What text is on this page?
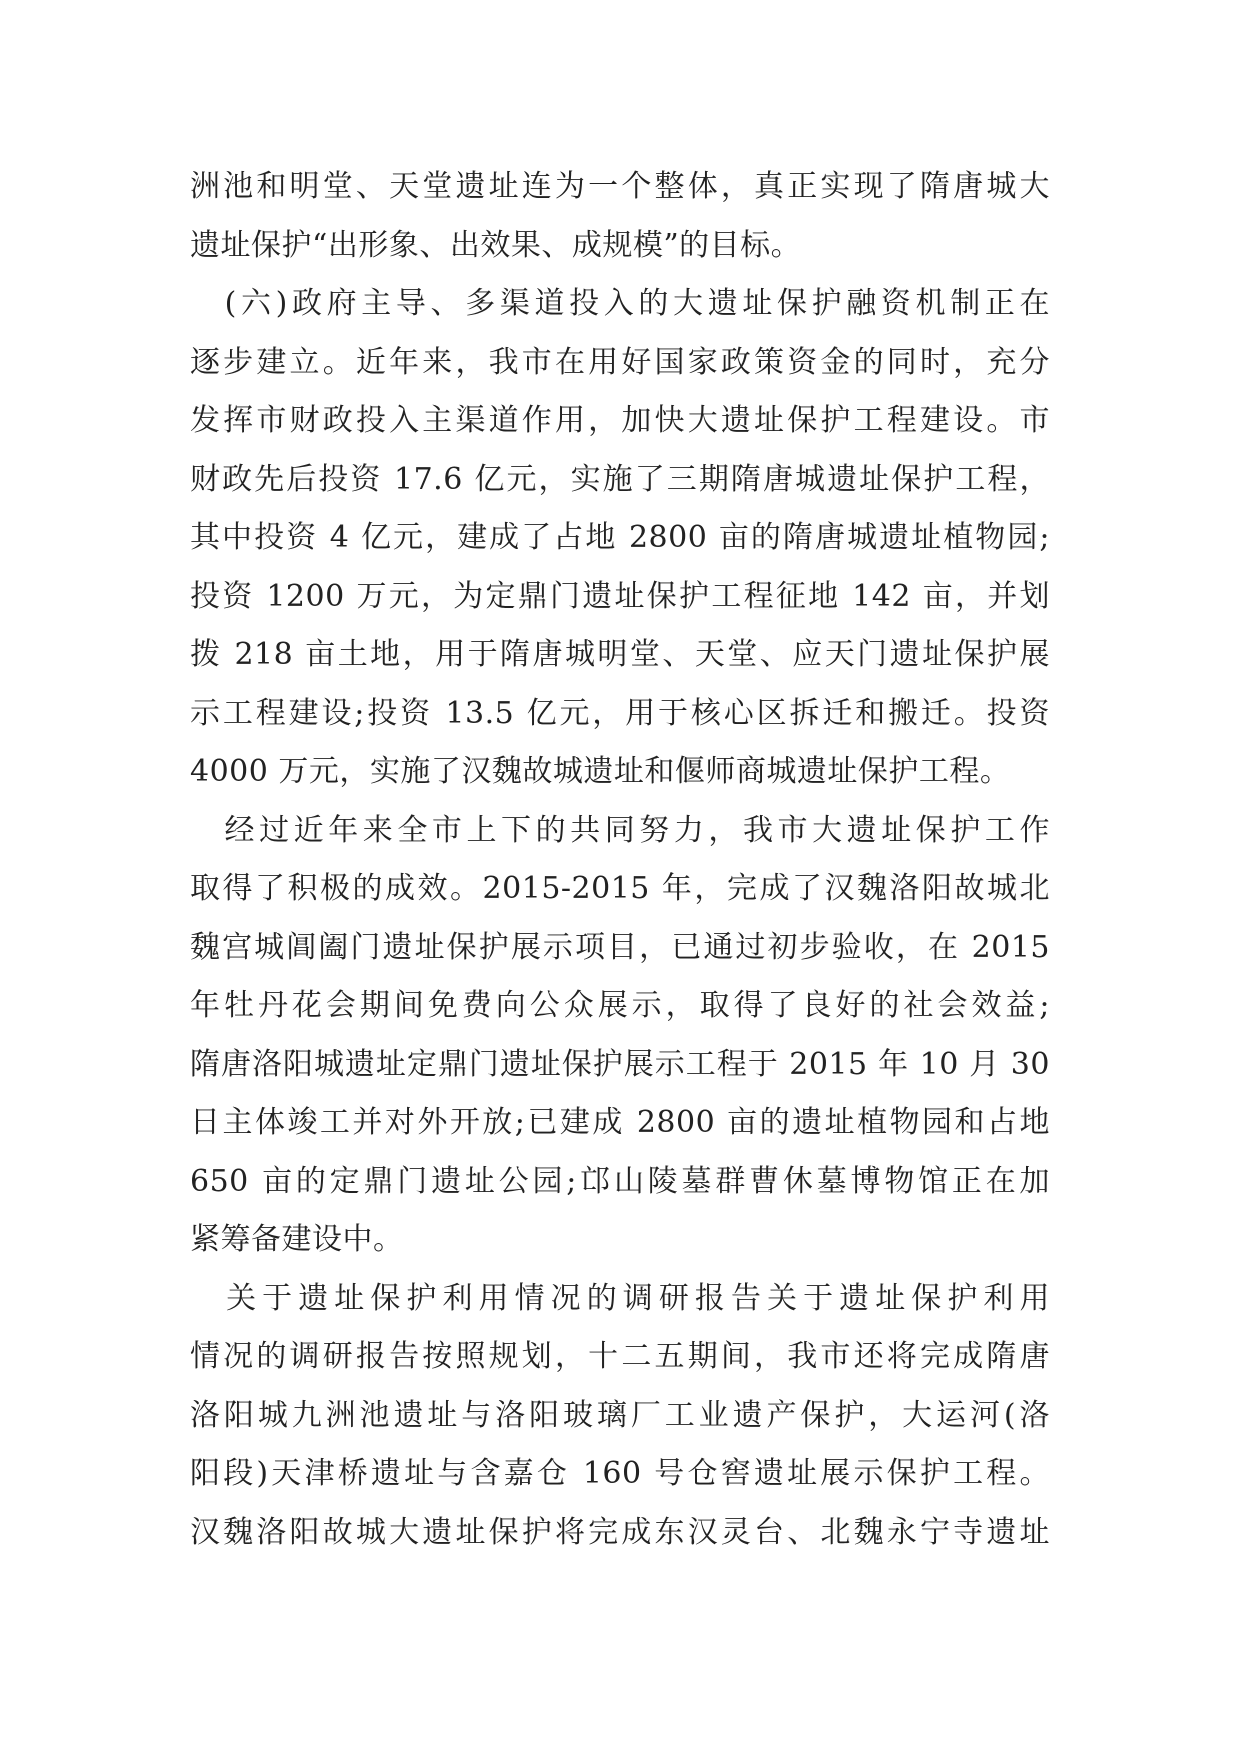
洲池和明堂、天堂遗址连为一个整体，真正实现了隋唐城大
遗址保护“出形象、出效果、成规模”的目标。
　(六)政府主导、多渠道投入的大遗址保护融资机制正在
逐步建立。近年来，我市在用好国家政策资金的同时，充分
发挥市财政投入主渠道作用，加快大遗址保护工程建设。市
财政先后投资 17.6 亿元，实施了三期隋唐城遗址保护工程，
其中投资 4 亿元，建成了占地 2800 亩的隋唐城遗址植物园;
投资 1200 万元，为定鼎门遗址保护工程征地 142 亩，并划
拨 218 亩土地，用于隋唐城明堂、天堂、应天门遗址保护展
示工程建设;投资 13.5 亿元，用于核心区拆迁和搬迁。投资
4000 万元，实施了汉魏故城遗址和偃师商城遗址保护工程。
　经过近年来全市上下的共同努力，我市大遗址保护工作
取得了积极的成效。2015-2015 年，完成了汉魏洛阳故城北
魏宫城阊阖门遗址保护展示项目，已通过初步验收，在 2015
年牡丹花会期间免费向公众展示，取得了良好的社会效益;
隋唐洛阳城遗址定鼎门遗址保护展示工程于 2015 年 10 月 30
日主体竣工并对外开放;已建成 2800 亩的遗址植物园和占地
650 亩的定鼎门遗址公园;邙山陵墓群曹休墓博物馆正在加
紧筹备建设中。
　关于遗址保护利用情况的调研报告关于遗址保护利用
情况的调研报告按照规划，十二五期间，我市还将完成隋唐
洛阳城九洲池遗址与洛阳玻璃厂工业遗产保护，大运河(洛
阳段)天津桥遗址与含嘉仓 160 号仓窖遗址展示保护工程。
汉魏洛阳故城大遗址保护将完成东汉灵台、北魏永宁寺遗址
